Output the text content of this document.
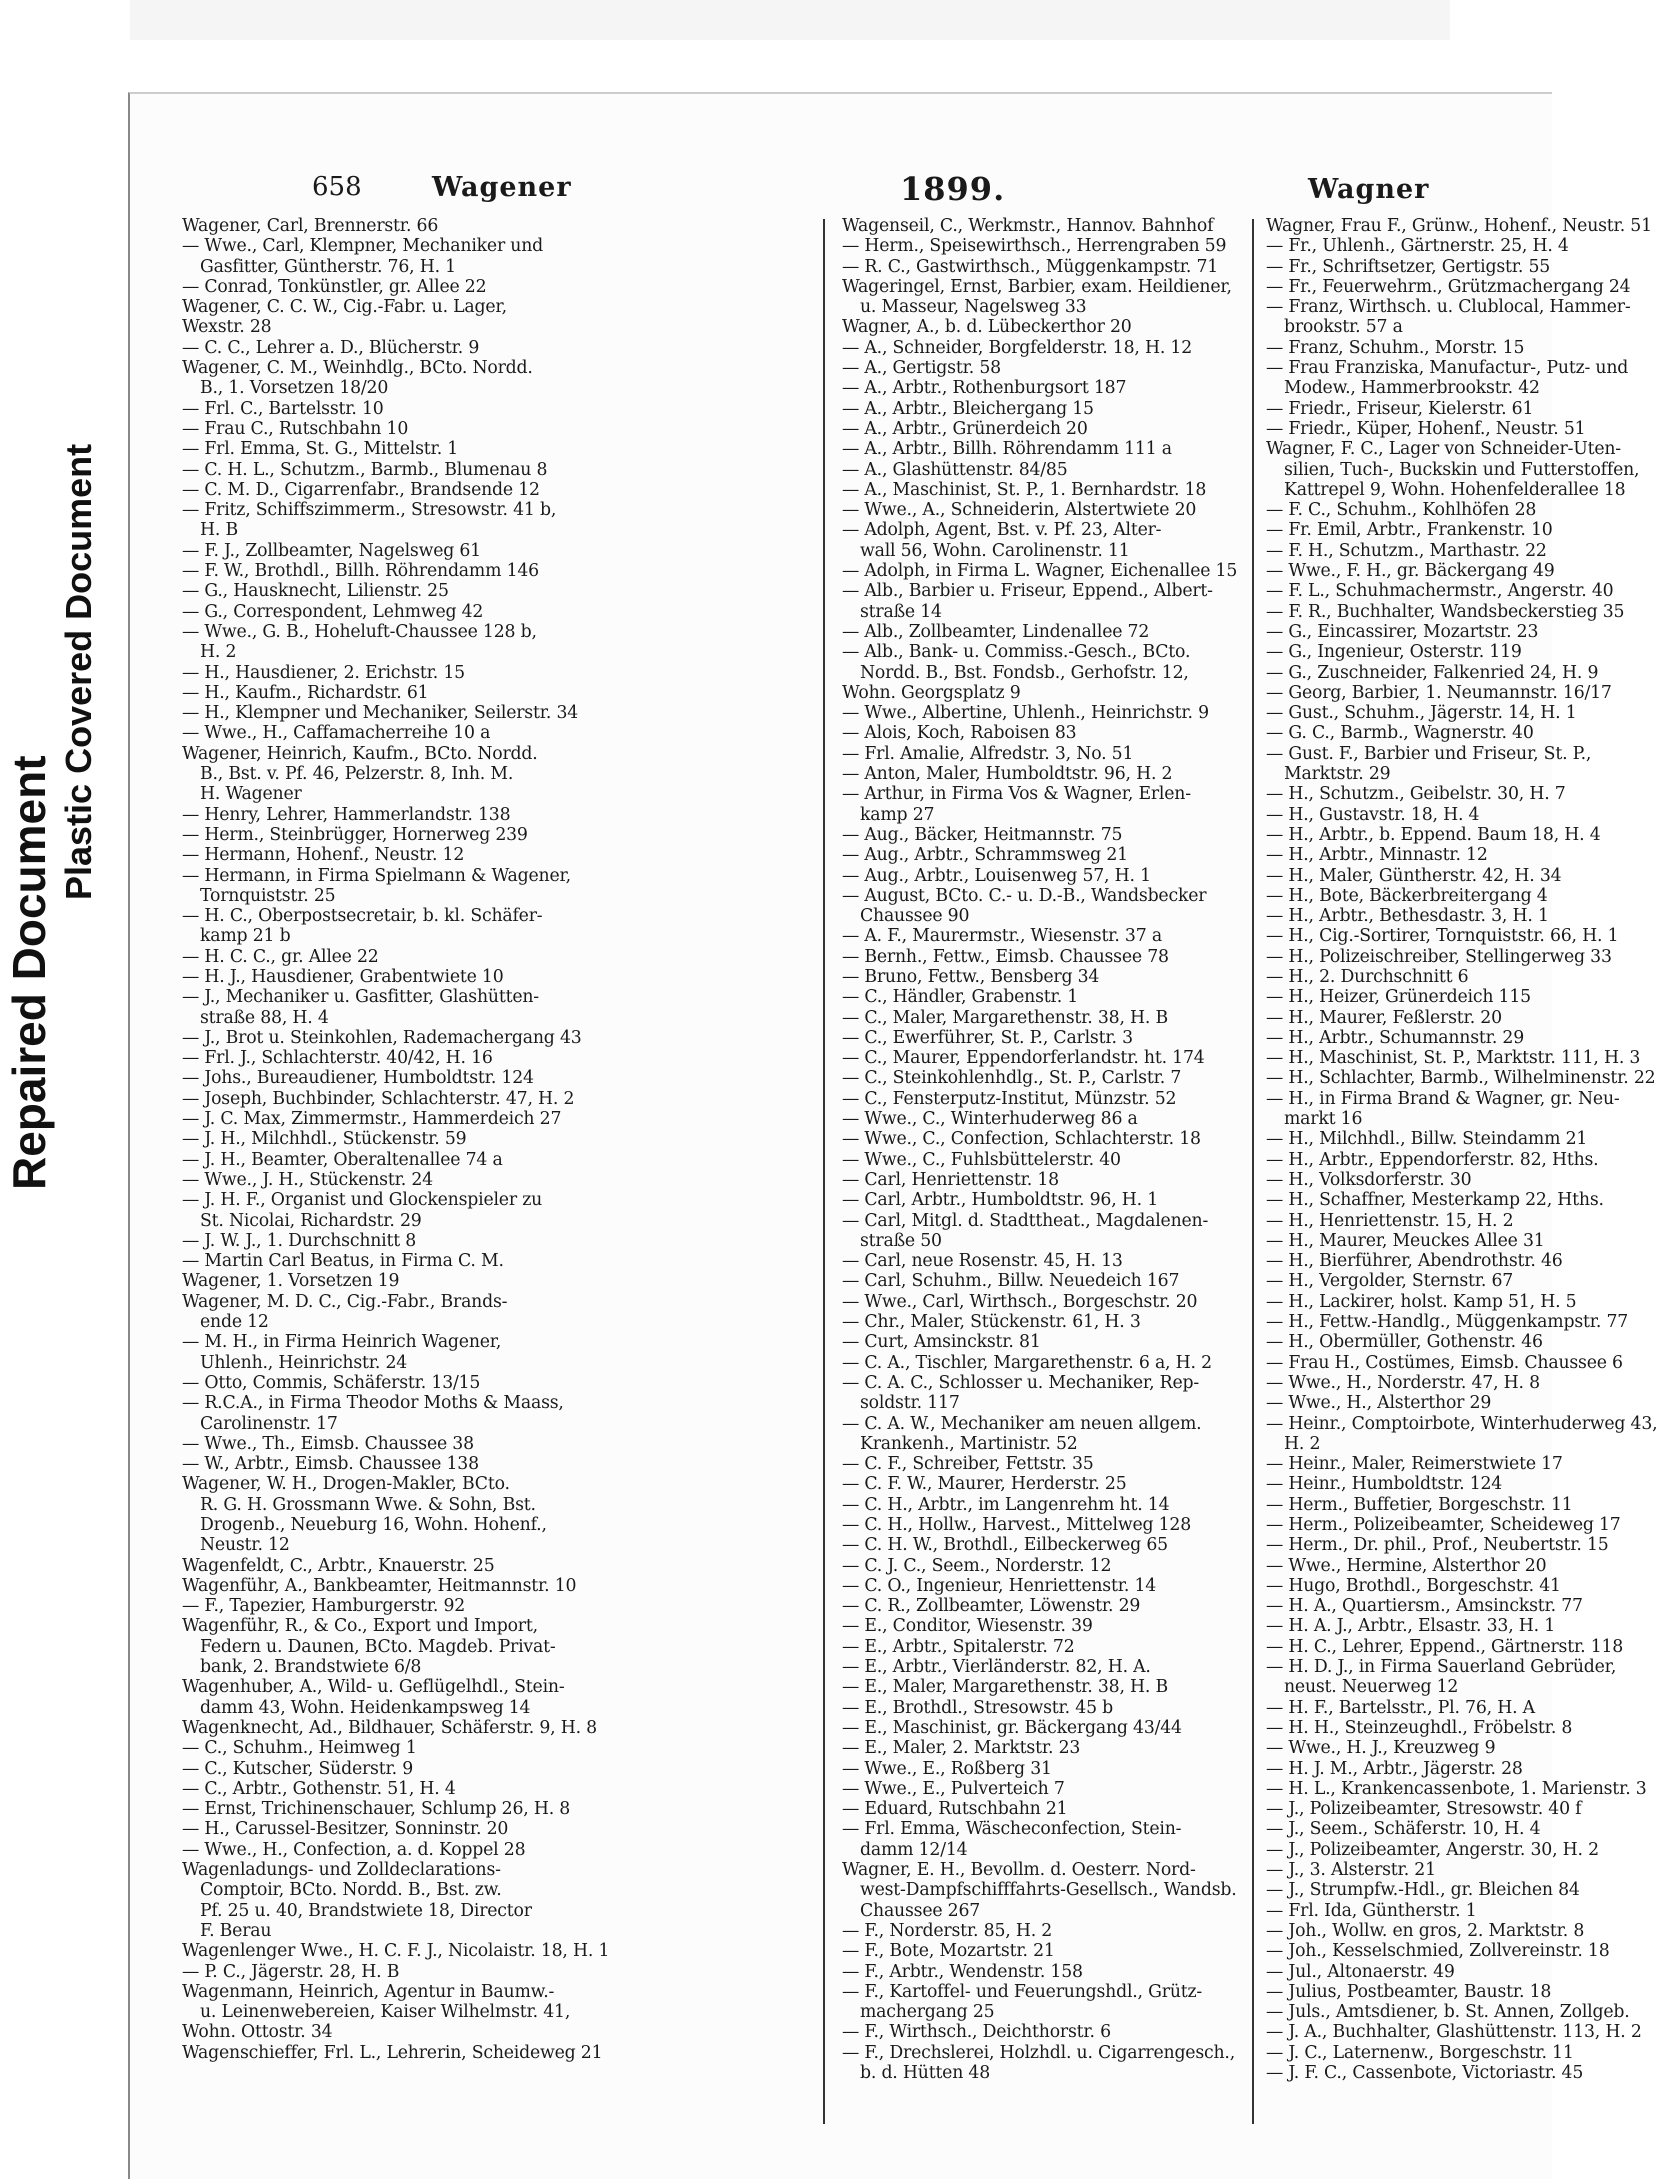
Repaired Document
Plastic Covered Document
658	Wagener	1899.	Wagner
Wagener, Carl, Brennerstr. 66
— Wwe., Carl, Klempner, Mechaniker und
Gasfitter, Güntherstr. 76, H. 1
— Conrad, Tonkünstler, gr. Allee 22
Wagener, C. C. W., Cig.-Fabr. u. Lager,
Wexstr. 28
— C. C., Lehrer a. D., Blücherstr. 9
Wagener, C. M., Weinhdlg., BCto. Nordd.
B., 1. Vorsetzen 18/20
— Frl. C., Bartelsstr. 10
— Frau C., Rutschbahn 10
— Frl. Emma, St. G., Mittelstr. 1
— C. H. L., Schutzm., Barmb., Blumenau 8
— C. M. D., Cigarrenfabr., Brandsende 12
— Fritz, Schiffszimmerm., Stresowstr. 41 b,
H. B
— F. J., Zollbeamter, Nagelsweg 61
— F. W., Brothdl., Billh. Röhrendamm 146
— G., Hausknecht, Lilienstr. 25
— G., Correspondent, Lehmweg 42
— Wwe., G. B., Hoheluft-Chaussee 128 b,
H. 2
— H., Hausdiener, 2. Erichstr. 15
— H., Kaufm., Richardstr. 61
— H., Klempner und Mechaniker, Seilerstr. 34
— Wwe., H., Caffamacherreihe 10 a
Wagener, Heinrich, Kaufm., BCto. Nordd.
B., Bst. v. Pf. 46, Pelzerstr. 8, Inh. M.
H. Wagener
— Henry, Lehrer, Hammerlandstr. 138
— Herm., Steinbrügger, Hornerweg 239
— Hermann, Hohenf., Neustr. 12
— Hermann, in Firma Spielmann & Wagener,
Tornquiststr. 25
— H. C., Oberpostsecretair, b. kl. Schäfer-
kamp 21 b
— H. C. C., gr. Allee 22
— H. J., Hausdiener, Grabentwiete 10
— J., Mechaniker u. Gasfitter, Glashütten-
straße 88, H. 4
— J., Brot u. Steinkohlen, Rademachergang 43
— Frl. J., Schlachterstr. 40/42, H. 16
— Johs., Bureaudiener, Humboldtstr. 124
— Joseph, Buchbinder, Schlachterstr. 47, H. 2
— J. C. Max, Zimmermstr., Hammerdeich 27
— J. H., Milchhdl., Stückenstr. 59
— J. H., Beamter, Oberaltenallee 74 a
— Wwe., J. H., Stückenstr. 24
— J. H. F., Organist und Glockenspieler zu
St. Nicolai, Richardstr. 29
— J. W. J., 1. Durchschnitt 8
— Martin Carl Beatus, in Firma C. M.
Wagener, 1. Vorsetzen 19
Wagener, M. D. C., Cig.-Fabr., Brands-
ende 12
— M. H., in Firma Heinrich Wagener,
Uhlenh., Heinrichstr. 24
— Otto, Commis, Schäferstr. 13/15
— R.C.A., in Firma Theodor Moths & Maass,
Carolinenstr. 17
— Wwe., Th., Eimsb. Chaussee 38
— W., Arbtr., Eimsb. Chaussee 138
Wagener, W. H., Drogen-Makler, BCto.
R. G. H. Grossmann Wwe. & Sohn, Bst.
Drogenb., Neueburg 16, Wohn. Hohenf.,
Neustr. 12
Wagenfeldt, C., Arbtr., Knauerstr. 25
Wagenführ, A., Bankbeamter, Heitmannstr. 10
— F., Tapezier, Hamburgerstr. 92
Wagenführ, R., & Co., Export und Import,
Federn u. Daunen, BCto. Magdeb. Privat-
bank, 2. Brandstwiete 6/8
Wagenhuber, A., Wild- u. Geflügelhdl., Stein-
damm 43, Wohn. Heidenkampsweg 14
Wagenknecht, Ad., Bildhauer, Schäferstr. 9, H. 8
— C., Schuhm., Heimweg 1
— C., Kutscher, Süderstr. 9
— C., Arbtr., Gothenstr. 51, H. 4
— Ernst, Trichinenschauer, Schlump 26, H. 8
— H., Carussel-Besitzer, Sonninstr. 20
— Wwe., H., Confection, a. d. Koppel 28
Wagenladungs- und Zolldeclarations-
Comptoir, BCto. Nordd. B., Bst. zw.
Pf. 25 u. 40, Brandstwiete 18, Director
F. Berau
Wagenlenger Wwe., H. C. F. J., Nicolaistr. 18, H. 1
— P. C., Jägerstr. 28, H. B
Wagenmann, Heinrich, Agentur in Baumw.-
u. Leinenwebereien, Kaiser Wilhelmstr. 41,
Wohn. Ottostr. 34
Wagenschieffer, Frl. L., Lehrerin, Scheideweg 21
Wagenseil, C., Werkmstr., Hannov. Bahnhof
— Herm., Speisewirthsch., Herrengraben 59
— R. C., Gastwirthsch., Müggenkampstr. 71
Wageringel, Ernst, Barbier, exam. Heildiener,
u. Masseur, Nagelsweg 33
Wagner, A., b. d. Lübeckerthor 20
— A., Schneider, Borgfelderstr. 18, H. 12
— A., Gertigstr. 58
— A., Arbtr., Rothenburgsort 187
— A., Arbtr., Bleichergang 15
— A., Arbtr., Grünerdeich 20
— A., Arbtr., Billh. Röhrendamm 111 a
— A., Glashüttenstr. 84/85
— A., Maschinist, St. P., 1. Bernhardstr. 18
— Wwe., A., Schneiderin, Alstertwiete 20
— Adolph, Agent, Bst. v. Pf. 23, Alter-
wall 56, Wohn. Carolinenstr. 11
— Adolph, in Firma L. Wagner, Eichenallee 15
— Alb., Barbier u. Friseur, Eppend., Albert-
straße 14
— Alb., Zollbeamter, Lindenallee 72
— Alb., Bank- u. Commiss.-Gesch., BCto.
Nordd. B., Bst. Fondsb., Gerhofstr. 12,
Wohn. Georgsplatz 9
— Wwe., Albertine, Uhlenh., Heinrichstr. 9
— Alois, Koch, Raboisen 83
— Frl. Amalie, Alfredstr. 3, No. 51
— Anton, Maler, Humboldtstr. 96, H. 2
— Arthur, in Firma Vos & Wagner, Erlen-
kamp 27
— Aug., Bäcker, Heitmannstr. 75
— Aug., Arbtr., Schrammsweg 21
— Aug., Arbtr., Louisenweg 57, H. 1
— August, BCto. C.- u. D.-B., Wandsbecker
Chaussee 90
— A. F., Maurermstr., Wiesenstr. 37 a
— Bernh., Fettw., Eimsb. Chaussee 78
— Bruno, Fettw., Bensberg 34
— C., Händler, Grabenstr. 1
— C., Maler, Margarethenstr. 38, H. B
— C., Ewerführer, St. P., Carlstr. 3
— C., Maurer, Eppendorferlandstr. ht. 174
— C., Steinkohlenhdlg., St. P., Carlstr. 7
— C., Fensterputz-Institut, Münzstr. 52
— Wwe., C., Winterhuderweg 86 a
— Wwe., C., Confection, Schlachterstr. 18
— Wwe., C., Fuhlsbüttelerstr. 40
— Carl, Henriettenstr. 18
— Carl, Arbtr., Humboldtstr. 96, H. 1
— Carl, Mitgl. d. Stadttheat., Magdalenen-
straße 50
— Carl, neue Rosenstr. 45, H. 13
— Carl, Schuhm., Billw. Neuedeich 167
— Wwe., Carl, Wirthsch., Borgeschstr. 20
— Chr., Maler, Stückenstr. 61, H. 3
— Curt, Amsinckstr. 81
— C. A., Tischler, Margarethenstr. 6 a, H. 2
— C. A. C., Schlosser u. Mechaniker, Rep-
soldstr. 117
— C. A. W., Mechaniker am neuen allgem.
Krankenh., Martinistr. 52
— C. F., Schreiber, Fettstr. 35
— C. F. W., Maurer, Herderstr. 25
— C. H., Arbtr., im Langenrehm ht. 14
— C. H., Hollw., Harvest., Mittelweg 128
— C. H. W., Brothdl., Eilbeckerweg 65
— C. J. C., Seem., Norderstr. 12
— C. O., Ingenieur, Henriettenstr. 14
— C. R., Zollbeamter, Löwenstr. 29
— E., Conditor, Wiesenstr. 39
— E., Arbtr., Spitalerstr. 72
— E., Arbtr., Vierländerstr. 82, H. A.
— E., Maler, Margarethenstr. 38, H. B
— E., Brothdl., Stresowstr. 45 b
— E., Maschinist, gr. Bäckergang 43/44
— E., Maler, 2. Marktstr. 23
— Wwe., E., Roßberg 31
— Wwe., E., Pulverteich 7
— Eduard, Rutschbahn 21
— Frl. Emma, Wäscheconfection, Stein-
damm 12/14
Wagner, E. H., Bevollm. d. Oesterr. Nord-
west-Dampfschifffahrts-Gesellsch., Wandsb.
Chaussee 267
— F., Norderstr. 85, H. 2
— F., Bote, Mozartstr. 21
— F., Arbtr., Wendenstr. 158
— F., Kartoffel- und Feuerungshdl., Grütz-
machergang 25
— F., Wirthsch., Deichthorstr. 6
— F., Drechslerei, Holzhdl. u. Cigarrengesch.,
b. d. Hütten 48
Wagner, Frau F., Grünw., Hohenf., Neustr. 51
— Fr., Uhlenh., Gärtnerstr. 25, H. 4
— Fr., Schriftsetzer, Gertigstr. 55
— Fr., Feuerwehrm., Grützmachergang 24
— Franz, Wirthsch. u. Clublocal, Hammer-
brookstr. 57 a
— Franz, Schuhm., Morstr. 15
— Frau Franziska, Manufactur-, Putz- und
Modew., Hammerbrookstr. 42
— Friedr., Friseur, Kielerstr. 61
— Friedr., Küper, Hohenf., Neustr. 51
Wagner, F. C., Lager von Schneider-Uten-
silien, Tuch-, Buckskin und Futterstoffen,
Kattrepel 9, Wohn. Hohenfelderallee 18
— F. C., Schuhm., Kohlhöfen 28
— Fr. Emil, Arbtr., Frankenstr. 10
— F. H., Schutzm., Marthastr. 22
— Wwe., F. H., gr. Bäckergang 49
— F. L., Schuhmachermstr., Angerstr. 40
— F. R., Buchhalter, Wandsbeckerstieg 35
— G., Eincassirer, Mozartstr. 23
— G., Ingenieur, Osterstr. 119
— G., Zuschneider, Falkenried 24, H. 9
— Georg, Barbier, 1. Neumannstr. 16/17
— Gust., Schuhm., Jägerstr. 14, H. 1
— G. C., Barmb., Wagnerstr. 40
— Gust. F., Barbier und Friseur, St. P.,
Marktstr. 29
— H., Schutzm., Geibelstr. 30, H. 7
— H., Gustavstr. 18, H. 4
— H., Arbtr., b. Eppend. Baum 18, H. 4
— H., Arbtr., Minnastr. 12
— H., Maler, Güntherstr. 42, H. 34
— H., Bote, Bäckerbreitergang 4
— H., Arbtr., Bethesdastr. 3, H. 1
— H., Cig.-Sortirer, Tornquiststr. 66, H. 1
— H., Polizeischreiber, Stellingerweg 33
— H., 2. Durchschnitt 6
— H., Heizer, Grünerdeich 115
— H., Maurer, Feßlerstr. 20
— H., Arbtr., Schumannstr. 29
— H., Maschinist, St. P., Marktstr. 111, H. 3
— H., Schlachter, Barmb., Wilhelminenstr. 22
— H., in Firma Brand & Wagner, gr. Neu-
markt 16
— H., Milchhdl., Billw. Steindamm 21
— H., Arbtr., Eppendorferstr. 82, Hths.
— H., Volksdorferstr. 30
— H., Schaffner, Mesterkamp 22, Hths.
— H., Henriettenstr. 15, H. 2
— H., Maurer, Meuckes Allee 31
— H., Bierführer, Abendrothstr. 46
— H., Vergolder, Sternstr. 67
— H., Lackirer, holst. Kamp 51, H. 5
— H., Fettw.-Handlg., Müggenkampstr. 77
— H., Obermüller, Gothenstr. 46
— Frau H., Costümes, Eimsb. Chaussee 6
— Wwe., H., Norderstr. 47, H. 8
— Wwe., H., Alsterthor 29
— Heinr., Comptoirbote, Winterhuderweg 43,
H. 2
— Heinr., Maler, Reimerstwiete 17
— Heinr., Humboldtstr. 124
— Herm., Buffetier, Borgeschstr. 11
— Herm., Polizeibeamter, Scheideweg 17
— Herm., Dr. phil., Prof., Neubertstr. 15
— Wwe., Hermine, Alsterthor 20
— Hugo, Brothdl., Borgeschstr. 41
— H. A., Quartiersm., Amsinckstr. 77
— H. A. J., Arbtr., Elsastr. 33, H. 1
— H. C., Lehrer, Eppend., Gärtnerstr. 118
— H. D. J., in Firma Sauerland Gebrüder,
neust. Neuerweg 12
— H. F., Bartelsstr., Pl. 76, H. A
— H. H., Steinzeughdl., Fröbelstr. 8
— Wwe., H. J., Kreuzweg 9
— H. J. M., Arbtr., Jägerstr. 28
— H. L., Krankencassenbote, 1. Marienstr. 3
— J., Polizeibeamter, Stresowstr. 40 f
— J., Seem., Schäferstr. 10, H. 4
— J., Polizeibeamter, Angerstr. 30, H. 2
— J., 3. Alsterstr. 21
— J., Strumpfw.-Hdl., gr. Bleichen 84
— Frl. Ida, Güntherstr. 1
— Joh., Wollw. en gros, 2. Marktstr. 8
— Joh., Kesselschmied, Zollvereinstr. 18
— Jul., Altonaerstr. 49
— Julius, Postbeamter, Baustr. 18
— Juls., Amtsdiener, b. St. Annen, Zollgeb.
— J. A., Buchhalter, Glashüttenstr. 113, H. 2
— J. C., Laternenw., Borgeschstr. 11
— J. F. C., Cassenbote, Victoriastr. 45
